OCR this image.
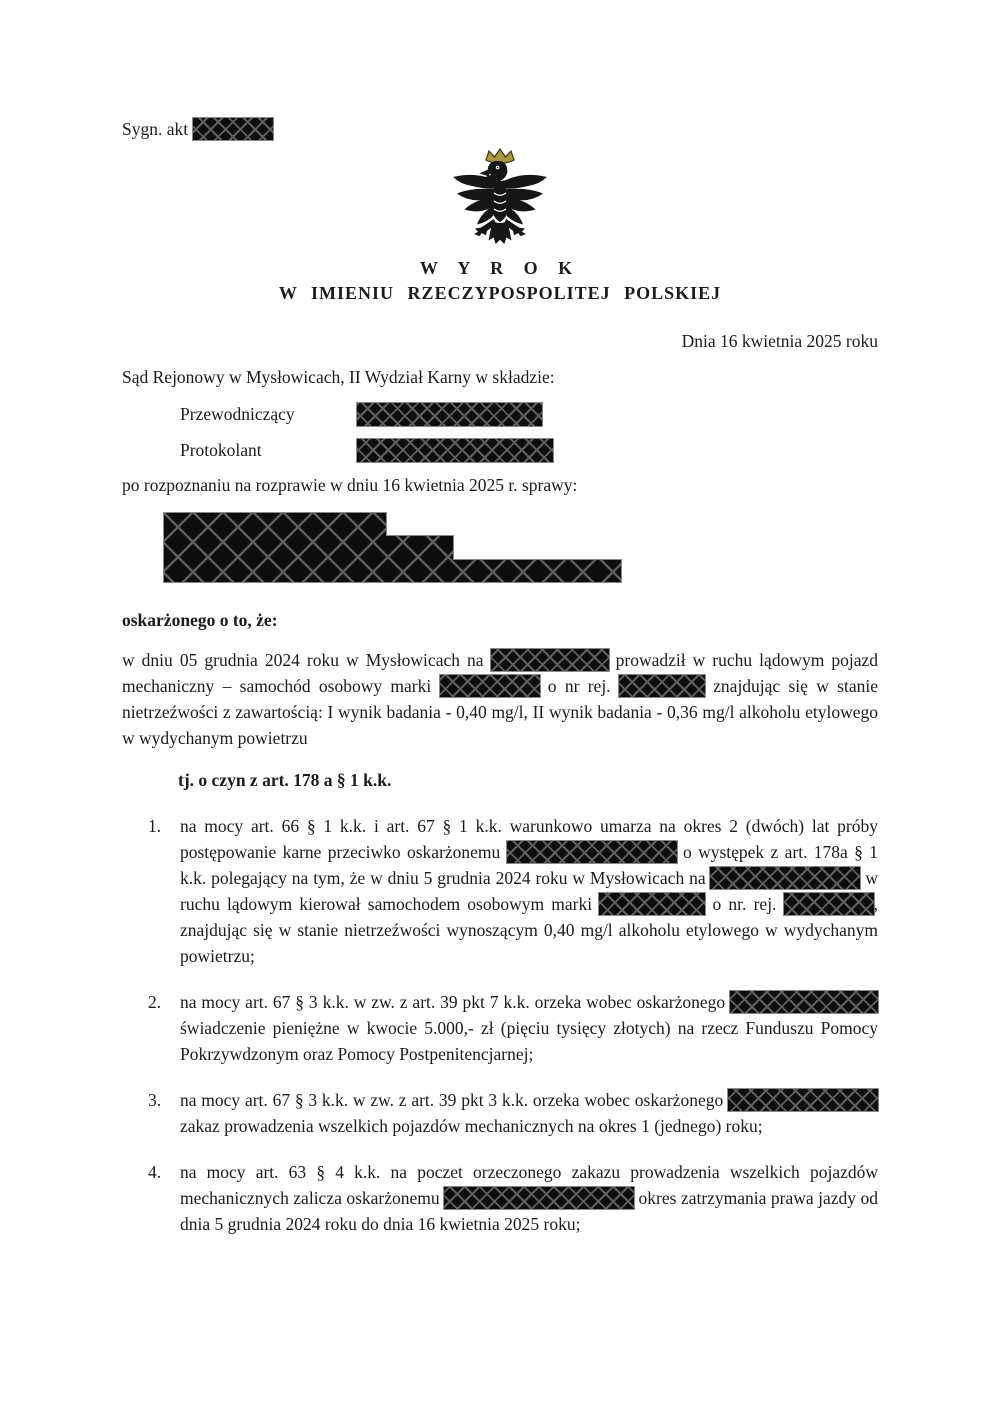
Sygn. akt
W Y R O K
W IMIENIU RZECZYPOSPOLITEJ POLSKIEJ
Dnia 16 kwietnia 2025 roku
Sąd Rejonowy w Mysłowicach, II Wydział Karny w składzie:
Przewodniczący
Protokolant
po rozpoznaniu na rozprawie w dniu 16 kwietnia 2025 r. sprawy:
oskarżonego o to, że:
w dniu 05 grudnia 2024 roku w Mysłowicach na	prowadził w ruchu lądowym pojazd mechaniczny – samochód osobowy marki	o nr rej.	znajdując się w stanie nietrzeźwości z zawartością: I wynik badania - 0,40 mg/l, II wynik badania - 0,36 mg/l alkoholu etylowego w wydychanym powietrzu
tj. o czyn z art. 178 a § 1 k.k.
1. na mocy art. 66 § 1 k.k. i art. 67 § 1 k.k. warunkowo umarza na okres 2 (dwóch) lat próby postępowanie karne przeciwko oskarżonemu	o występek z art. 178a § 1 k.k. polegający na tym, że w dniu 5 grudnia 2024 roku w Mysłowicach na	w ruchu lądowym kierował samochodem osobowym marki	o nr. rej.	, znajdując się w stanie nietrzeźwości wynoszącym 0,40 mg/l alkoholu etylowego w wydychanym powietrzu;
2. na mocy art. 67 § 3 k.k. w zw. z art. 39 pkt 7 k.k. orzeka wobec oskarżonego  świadczenie pieniężne w kwocie 5.000,- zł (pięciu tysięcy złotych) na rzecz Funduszu Pomocy Pokrzywdzonym oraz Pomocy Postpenitencjarnej;
3. na mocy art. 67 § 3 k.k. w zw. z art. 39 pkt 3 k.k. orzeka wobec oskarżonego  zakaz prowadzenia wszelkich pojazdów mechanicznych na okres 1 (jednego) roku;
4. na mocy art. 63 § 4 k.k. na poczet orzeczonego zakazu prowadzenia wszelkich pojazdów mechanicznych zalicza oskarżonemu	okres zatrzymania prawa jazdy od dnia 5 grudnia 2024 roku do dnia 16 kwietnia 2025 roku;
